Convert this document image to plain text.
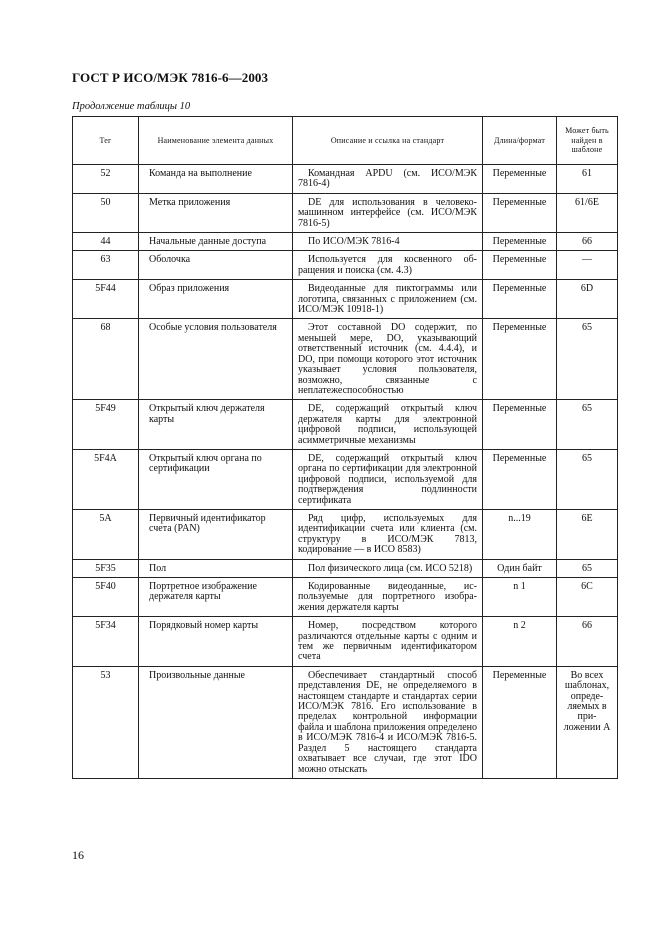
ГОСТ Р ИСО/МЭК 7816-6—2003
Продолжение таблицы 10
Тег	Наименование элемента данных	Описание и ссылка на стандарт	Длина/формат	Может быть найден в шаблоне
52	Команда на выполнение	Командная APDU (см. ИСО/МЭК 7816-4)	Переменные	61
50	Метка приложения	DE для использования в человеко-машинном интерфейсе (см. ИСО/МЭК 7816-5)	Переменные	61/6E
44	Начальные данные доступа	По ИСО/МЭК 7816-4	Переменные	66
63	Оболочка	Используется для косвенного обращения и поиска (см. 4.3)	Переменные	—
5F44	Образ приложения	Видеоданные для пиктограммы или логотипа, связанных с приложением (см. ИСО/МЭК 10918-1)	Переменные	6D
68	Особые условия пользователя	Этот составной DO содержит, по меньшей мере, DO, указывающий ответственный источник (см. 4.4.4), и DO, при помощи которого этот источник указывает условия пользователя, возможно, связанные с неплатежеспособностью	Переменные	65
5F49	Открытый ключ держателя карты	DE, содержащий открытый ключ держателя карты для электронной цифровой подписи, использующей асимметричные механизмы	Переменные	65
5F4A	Открытый ключ органа по сертификации	DE, содержащий открытый ключ органа по сертификации для электронной цифровой подписи, используемой для подтверждения подлинности сертификата	Переменные	65
5A	Первичный идентификатор счета (PAN)	Ряд цифр, используемых для идентификации счета или клиента (см. структуру в ИСО/МЭК 7813, кодирование — в ИСО 8583)	n...19	6E
5F35	Пол	Пол физического лица (см. ИСО 5218)	Один байт	65
5F40	Портретное изображение держателя карты	Кодированные видеоданные, используемые для портретного изображения держателя карты	n 1	6C
5F34	Порядковый номер карты	Номер, посредством которого различаются отдельные карты с одним и тем же первичным идентификатором счета	n 2	66
53	Произвольные данные	Обеспечивает стандартный способ представления DE, не определяемого в настоящем стандарте и стандартах серии ИСО/МЭК 7816. Его использование в пределах контрольной информации файла и шаблона приложения определено в ИСО/МЭК 7816-4 и ИСО/МЭК 7816-5. Раздел 5 настоящего стандарта охватывает все случаи, где этот IDO можно отыскать	Переменные	Во всех шаблонах, определяемых в приложении А
16
